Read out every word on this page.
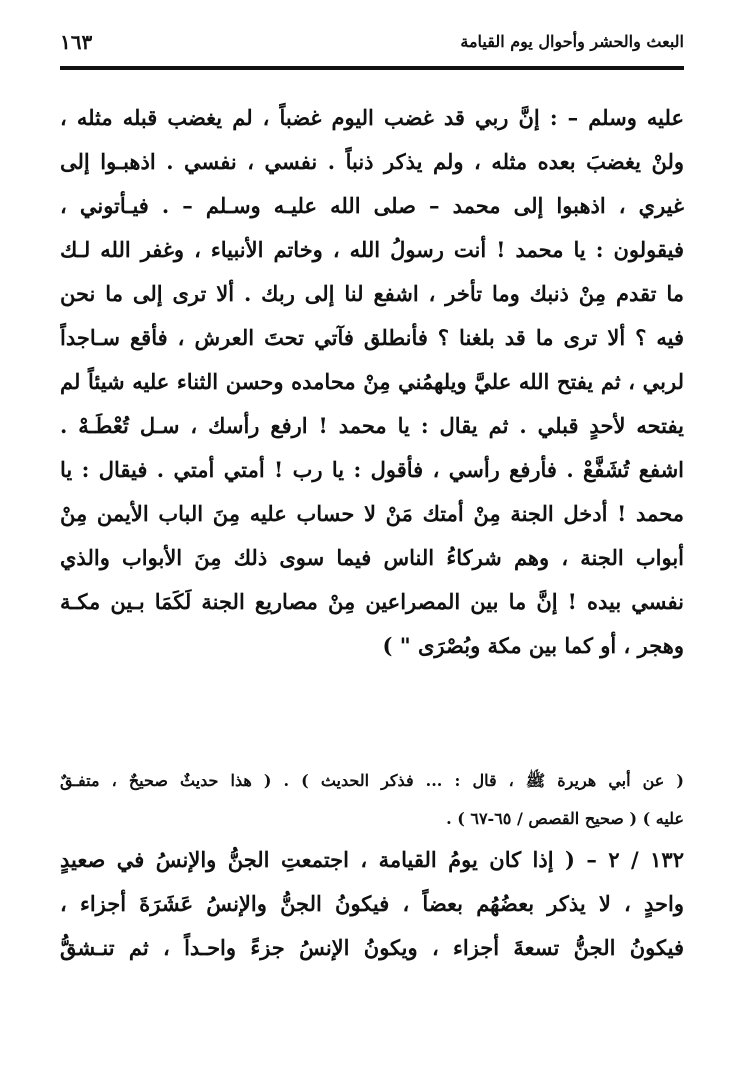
١٦٣	البعث والحشر وأحوال يوم القيامة
عليه وسلم – : إنَّ ربي قد غضب اليوم غضباً ، لم يغضب قبله مثله ،
ولنْ يغضبَ بعده مثله ، ولم يذكر ذنباً . نفسي ، نفسي . اذهبـوا إلى
غيري ، اذهبوا إلى محمد – صلى الله عليـه وسـلم – . فيـأتوني ،
فيقولون : يا محمد ! أنت رسولُ الله ، وخاتم الأنبياء ، وغفر الله لـك
ما تقدم مِنْ ذنبك وما تأخر ، اشفع لنا إلى ربك . ألا ترى إلى ما نحن
فيه ؟ ألا ترى ما قد بلغنا ؟ فأنطلق فآتي تحتَ العرش ، فأقع سـاجداً
لربي ، ثم يفتح الله عليَّ ويلهمُني مِنْ محامده وحسن الثناء عليه شيئاً لم
يفتحه لأحدٍ قبلي . ثم يقال : يا محمد ! ارفع رأسك ، سـل تُعْطَـهْ .
اشفع تُشَفَّعْ . فأرفع رأسي ، فأقول : يا رب ! أمتي أمتي . فيقال : يا
محمد ! أدخل الجنة مِنْ أمتك مَنْ لا حساب عليه مِنَ الباب الأيمن مِنْ
أبواب الجنة ، وهم شركاءُ الناس فيما سوى ذلك مِنَ الأبواب والذي
نفسي بيده ! إنَّ ما بين المصراعين مِنْ مصاريع الجنة لَكَمَا بـين مكـة
وهجر ، أو كما بين مكة وبُصْرَى " )
( عن أبي هريرة ﷺ ، قال : ... فذكر الحديث ) . ( هذا حديثٌ صحيحٌ ، متفـقٌ
عليه ) ( صحيح القصص / ٦٥-٦٧ ) .
١٣٢ / ٢ – ( إذا كان يومُ القيامة ، اجتمعتِ الجنُّ والإنسُ في صعيدٍ
واحدٍ ، لا يذكر بعضُهُم بعضاً ، فيكونُ الجنُّ والإنسُ عَشَرَةَ أجزاء ،
فيكونُ الجنُّ تسعةَ أجزاء ، ويكونُ الإنسُ جزءً واحـداً ، ثم تنـشقُّ
